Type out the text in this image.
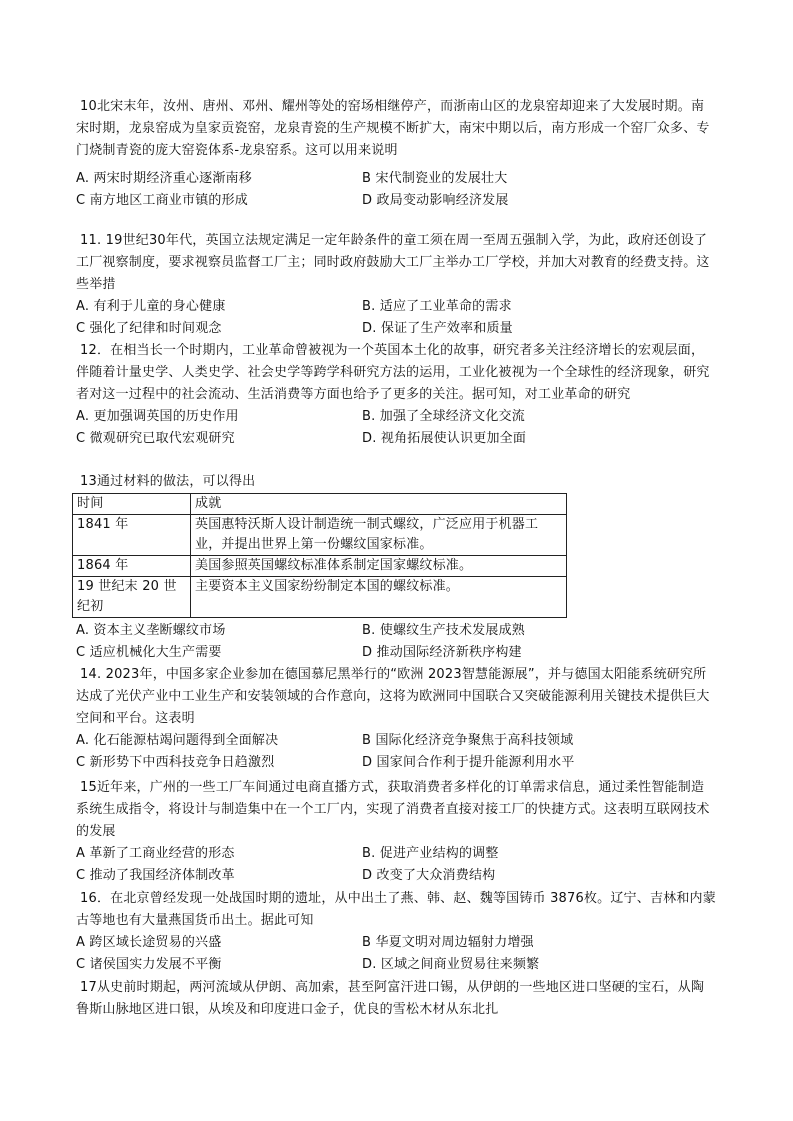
10北宋末年，汝州、唐州、邓州、耀州等处的窑场相继停产，而浙南山区的龙泉窑却迎来了大发展时期。南宋时期，龙泉窑成为皇家贡瓷窑，龙泉青瓷的生产规模不断扩大，南宋中期以后，南方形成一个窑厂众多、专门烧制青瓷的庞大窑瓷体系-龙泉窑系。这可以用来说明
A. 两宋时期经济重心逐渐南移	B 宋代制瓷业的发展壮大
C 南方地区工商业市镇的形成	D 政局变动影响经济发展
11. 19世纪30年代，英国立法规定满足一定年龄条件的童工须在周一至周五强制入学，为此，政府还创设了工厂视察制度，要求视察员监督工厂主；同时政府鼓励大工厂主举办工厂学校，并加大对教育的经费支持。这些举措
A. 有利于儿童的身心健康	B. 适应了工业革命的需求
C 强化了纪律和时间观念	D. 保证了生产效率和质量
12．在相当长一个时期内，工业革命曾被视为一个英国本土化的故事，研究者多关注经济增长的宏观层面，伴随着计量史学、人类史学、社会史学等跨学科研究方法的运用，工业化被视为一个全球性的经济现象，研究者对这一过程中的社会流动、生活消费等方面也给予了更多的关注。据可知，对工业革命的研究
A. 更加强调英国的历史作用	B. 加强了全球经济文化交流
C 微观研究已取代宏观研究	D. 视角拓展使认识更加全面
13通过材料的做法，可以得出
时间	成就
1841 年	英国惠特沃斯人设计制造统一制式螺纹，广泛应用于机器工业，并提出世界上第一份螺纹国家标准。
1864 年	美国参照英国螺纹标准体系制定国家螺纹标准。
19 世纪末 20 世纪初	主要资本主义国家纷纷制定本国的螺纹标准。
A. 资本主义垄断螺纹市场	B. 使螺纹生产技术发展成熟
C 适应机械化大生产需要	D 推动国际经济新秩序构建
14. 2023年，中国多家企业参加在德国慕尼黑举行的“欧洲 2023智慧能源展”，并与德国太阳能系统研究所达成了光伏产业中工业生产和安装领域的合作意向，这将为欧洲同中国联合又突破能源利用关键技术提供巨大空间和平台。这表明
A. 化石能源枯竭问题得到全面解决	B 国际化经济竞争聚焦于高科技领域
C 新形势下中西科技竞争日趋激烈	D 国家间合作利于提升能源利用水平
15近年来，广州的一些工厂车间通过电商直播方式，获取消费者多样化的订单需求信息，通过柔性智能制造系统生成指令，将设计与制造集中在一个工厂内，实现了消费者直接对接工厂的快捷方式。这表明互联网技术的发展
A 革新了工商业经营的形态	B. 促进产业结构的调整
C 推动了我国经济体制改革	D 改变了大众消费结构
16．在北京曾经发现一处战国时期的遗址，从中出土了燕、韩、赵、魏等国铸币 3876枚。辽宁、吉林和内蒙古等地也有大量燕国货币出土。据此可知
A 跨区域长途贸易的兴盛	B 华夏文明对周边辐射力增强
C 诸侯国实力发展不平衡	D. 区域之间商业贸易往来频繁
17从史前时期起，两河流域从伊朗、高加索，甚至阿富汗进口锡，从伊朗的一些地区进口坚硬的宝石，从陶鲁斯山脉地区进口银，从埃及和印度进口金子，优良的雪松木材从东北扎
